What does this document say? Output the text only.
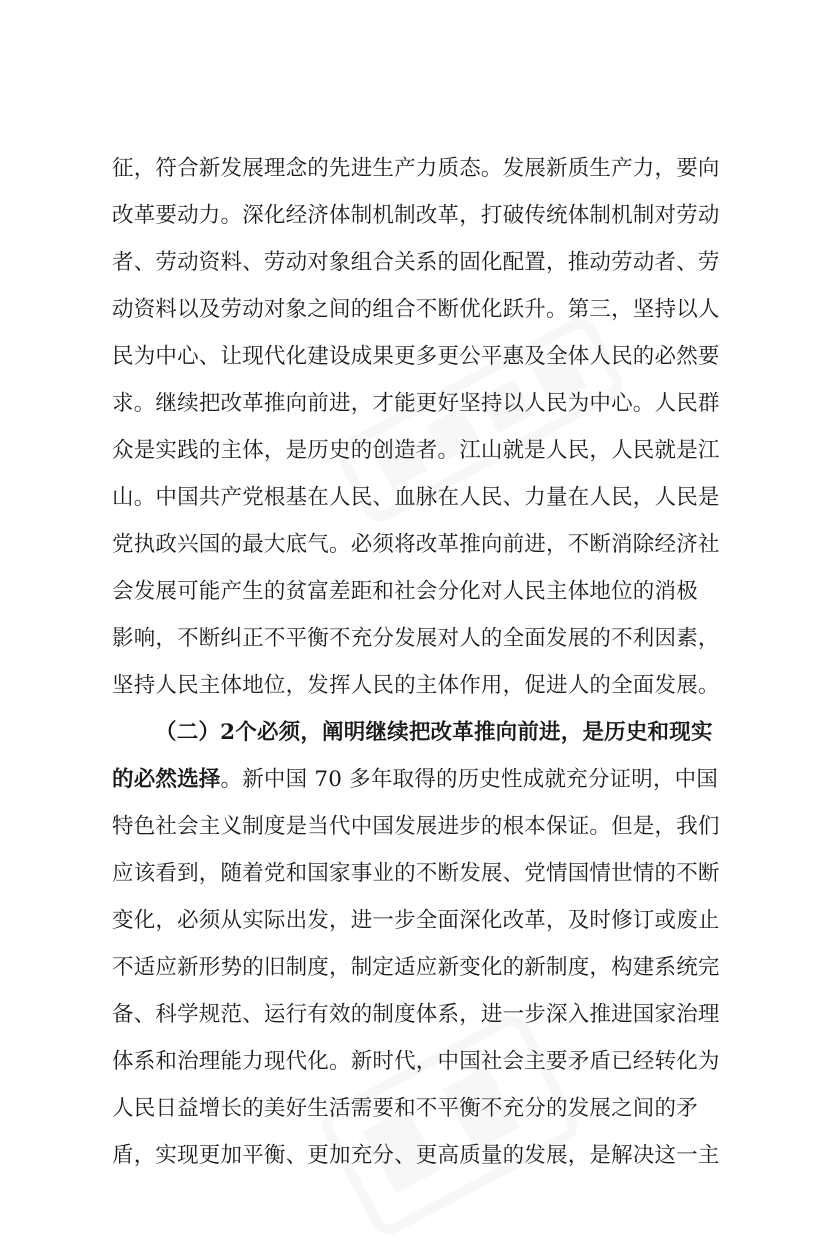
征，符合新发展理念的先进生产力质态。发展新质生产力，要向
改革要动力。深化经济体制机制改革，打破传统体制机制对劳动
者、劳动资料、劳动对象组合关系的固化配置，推动劳动者、劳
动资料以及劳动对象之间的组合不断优化跃升。第三，坚持以人
民为中心、让现代化建设成果更多更公平惠及全体人民的必然要
求。继续把改革推向前进，才能更好坚持以人民为中心。人民群
众是实践的主体，是历史的创造者。江山就是人民，人民就是江
山。中国共产党根基在人民、血脉在人民、力量在人民，人民是
党执政兴国的最大底气。必须将改革推向前进，不断消除经济社
会发展可能产生的贫富差距和社会分化对人民主体地位的消极
影响，不断纠正不平衡不充分发展对人的全面发展的不利因素，
坚持人民主体地位，发挥人民的主体作用，促进人的全面发展。
（二）2个必须，阐明继续把改革推向前进，是历史和现实
的必然选择。新中国 70 多年取得的历史性成就充分证明，中国
特色社会主义制度是当代中国发展进步的根本保证。但是，我们
应该看到，随着党和国家事业的不断发展、党情国情世情的不断
变化，必须从实际出发，进一步全面深化改革，及时修订或废止
不适应新形势的旧制度，制定适应新变化的新制度，构建系统完
备、科学规范、运行有效的制度体系，进一步深入推进国家治理
体系和治理能力现代化。新时代，中国社会主要矛盾已经转化为
人民日益增长的美好生活需要和不平衡不充分的发展之间的矛
盾，实现更加平衡、更加充分、更高质量的发展，是解决这一主
